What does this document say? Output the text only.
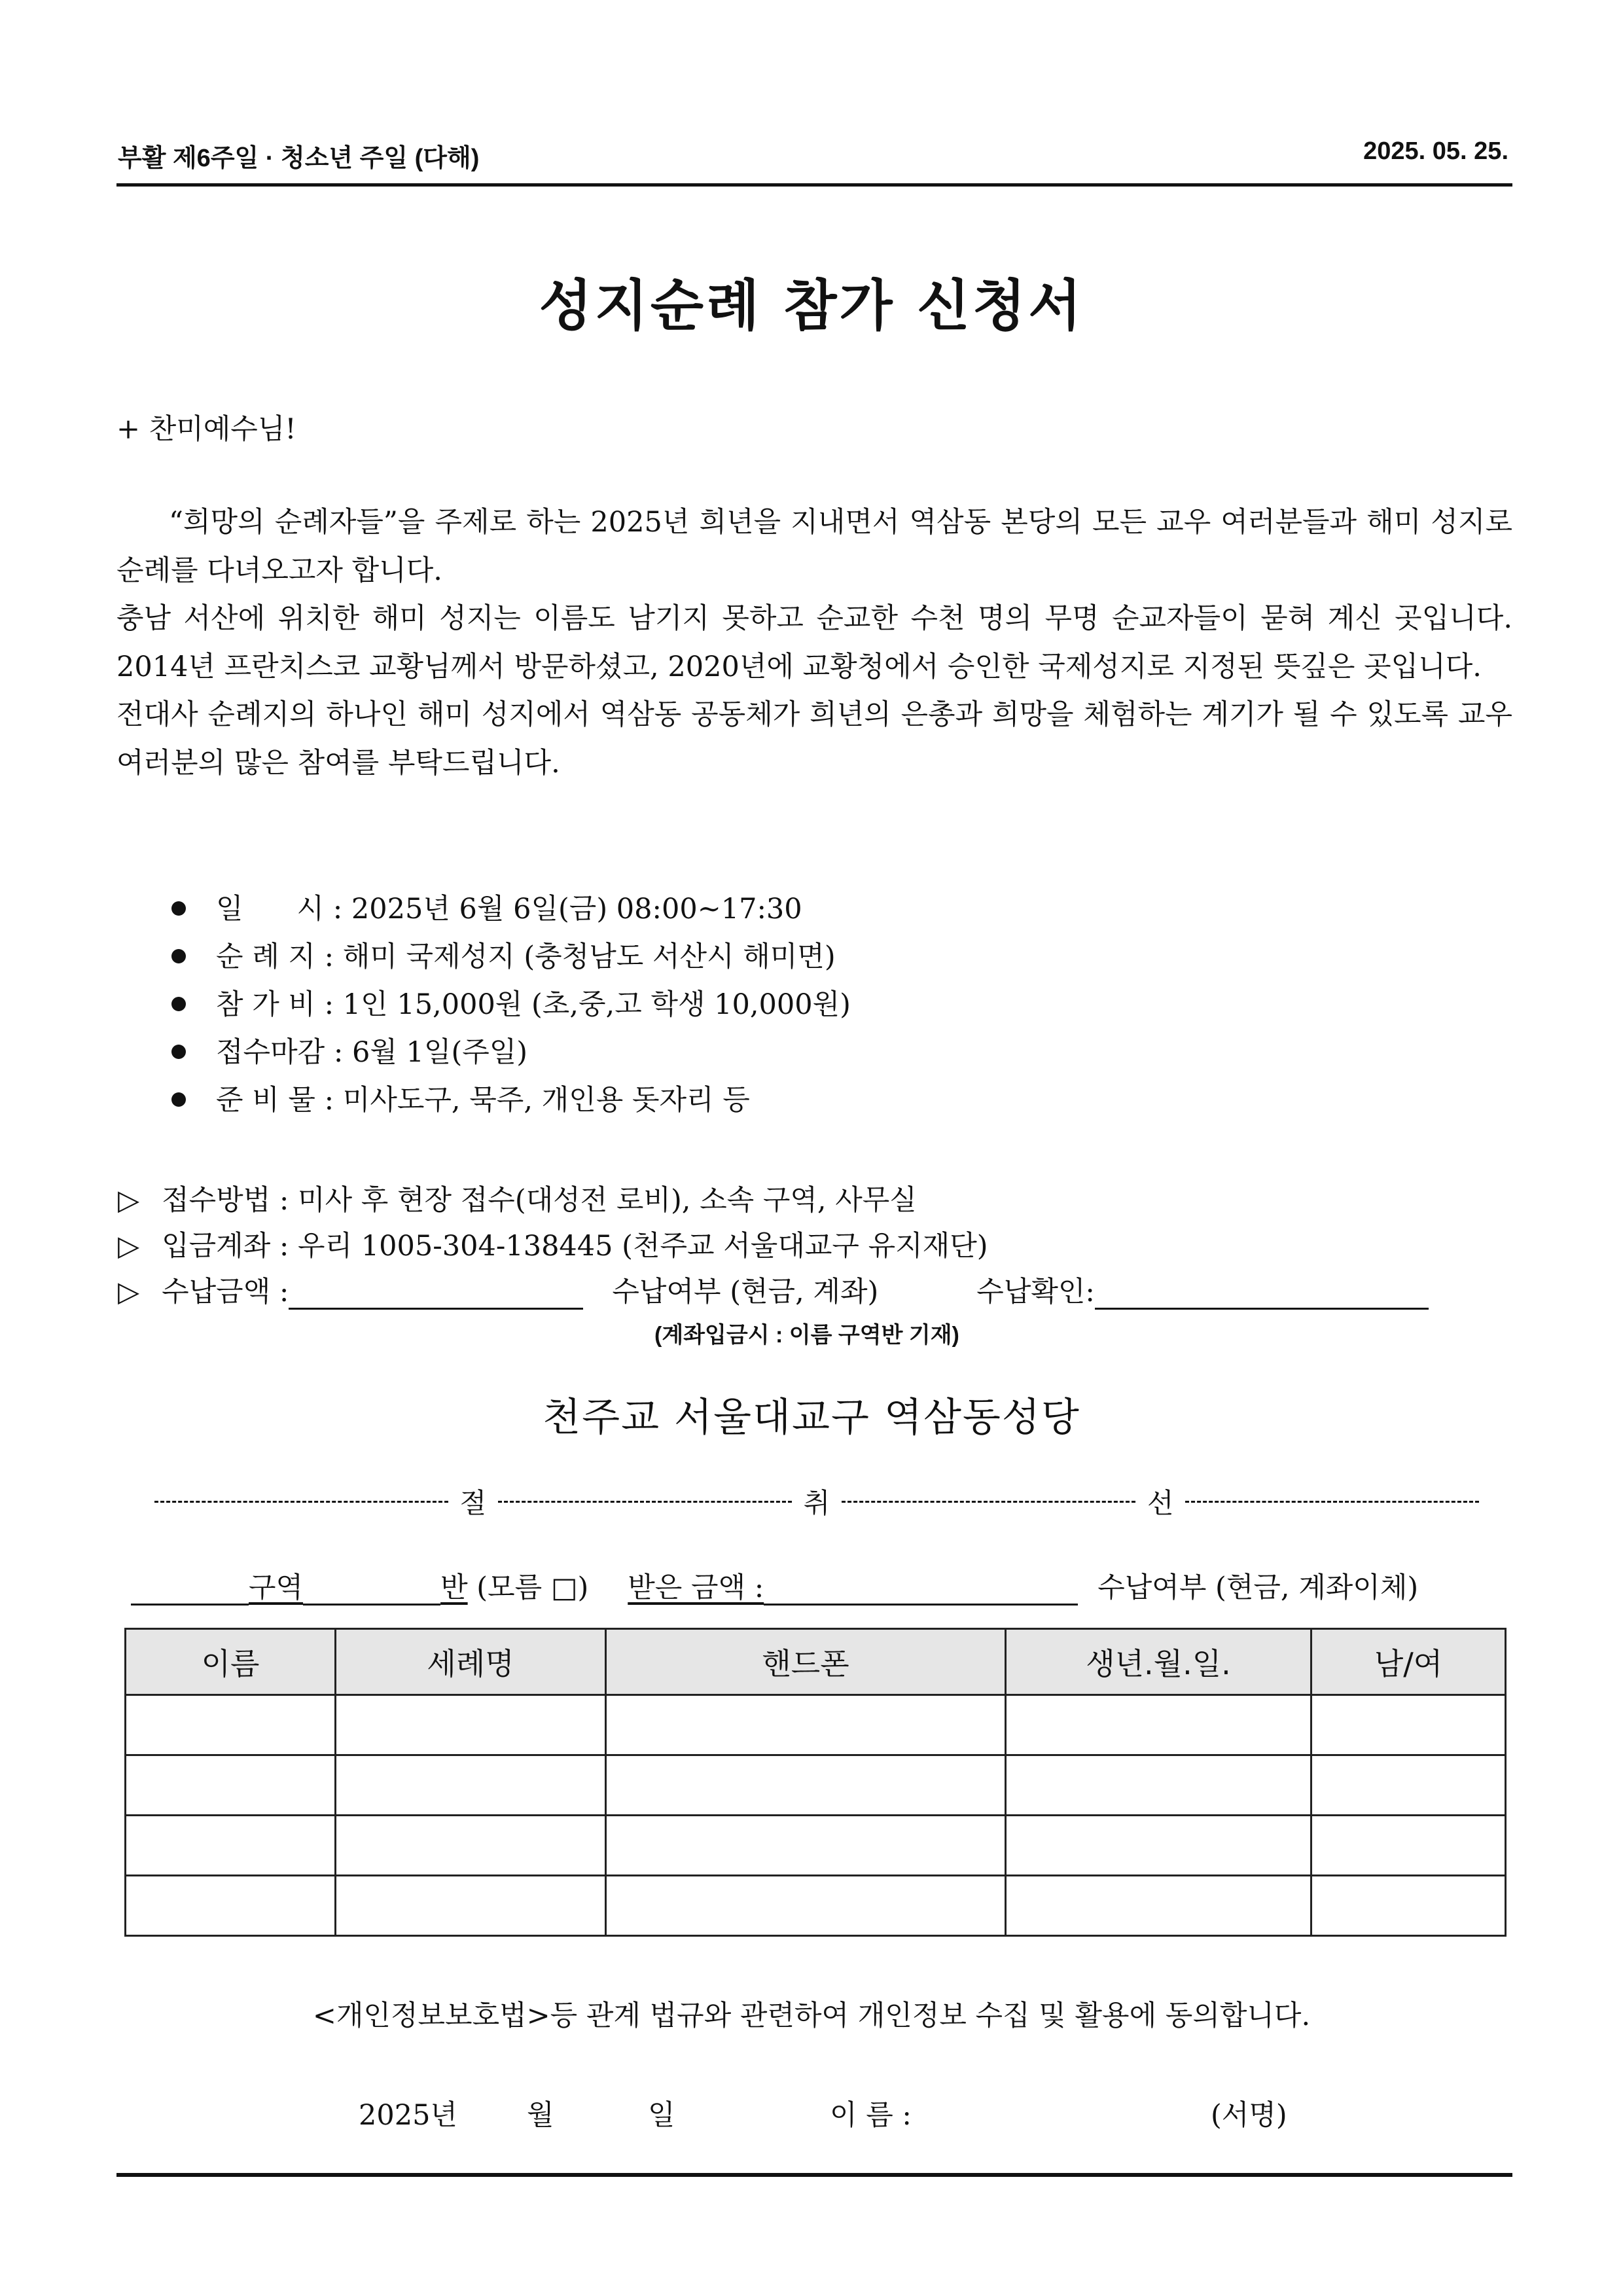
부활 제6주일 · 청소년 주일 (다해)	2025. 05. 25.
성지순례 참가 신청서
+ 찬미예수님!

“희망의 순례자들”을 주제로 하는 2025년 희년을 지내면서 역삼동 본당의 모든 교우 여러분들과 해미 성지로 순례를 다녀오고자 합니다.

충남 서산에 위치한 해미 성지는 이름도 남기지 못하고 순교한 수천 명의 무명 순교자들이 묻혀 계신 곳입니다. 2014년 프란치스코 교황님께서 방문하셨고, 2020년에 교황청에서 승인한 국제성지로 지정된 뜻깊은 곳입니다.

전대사 순례지의 하나인 해미 성지에서 역삼동 공동체가 희년의 은총과 희망을 체험하는 계기가 될 수 있도록 교우 여러분의 많은 참여를 부탁드립니다.

일      시 : 2025년 6월 6일(금) 08:00~17:30
순 례 지 : 해미 국제성지 (충청남도 서산시 해미면)
참 가 비 : 1인 15,000원 (초,중,고 학생 10,000원)
접수마감 : 6월 1일(주일)
준 비 물 : 미사도구, 묵주, 개인용 돗자리 등
▷ 접수방법 : 미사 후 현장 접수(대성전 로비), 소속 구역, 사무실
▷ 입금계좌 : 우리 1005-304-138445 (천주교 서울대교구 유지재단)
▷ 수납금액 :	수납여부 (현금, 계좌)	수납확인:
(계좌입금시 : 이름 구역반 기재)
천주교 서울대교구 역삼동성당
절	취	선
구역	반 (모름 □) 받은 금액 :	수납여부 (현금, 계좌이체)
이름	세례명	핸드폰	생년.월.일.	남/여

<개인정보보호법>등 관계 법규와 관련하여 개인정보 수집 및 활용에 동의합니다.
2025년 월	일	이 름 :	(서명)
